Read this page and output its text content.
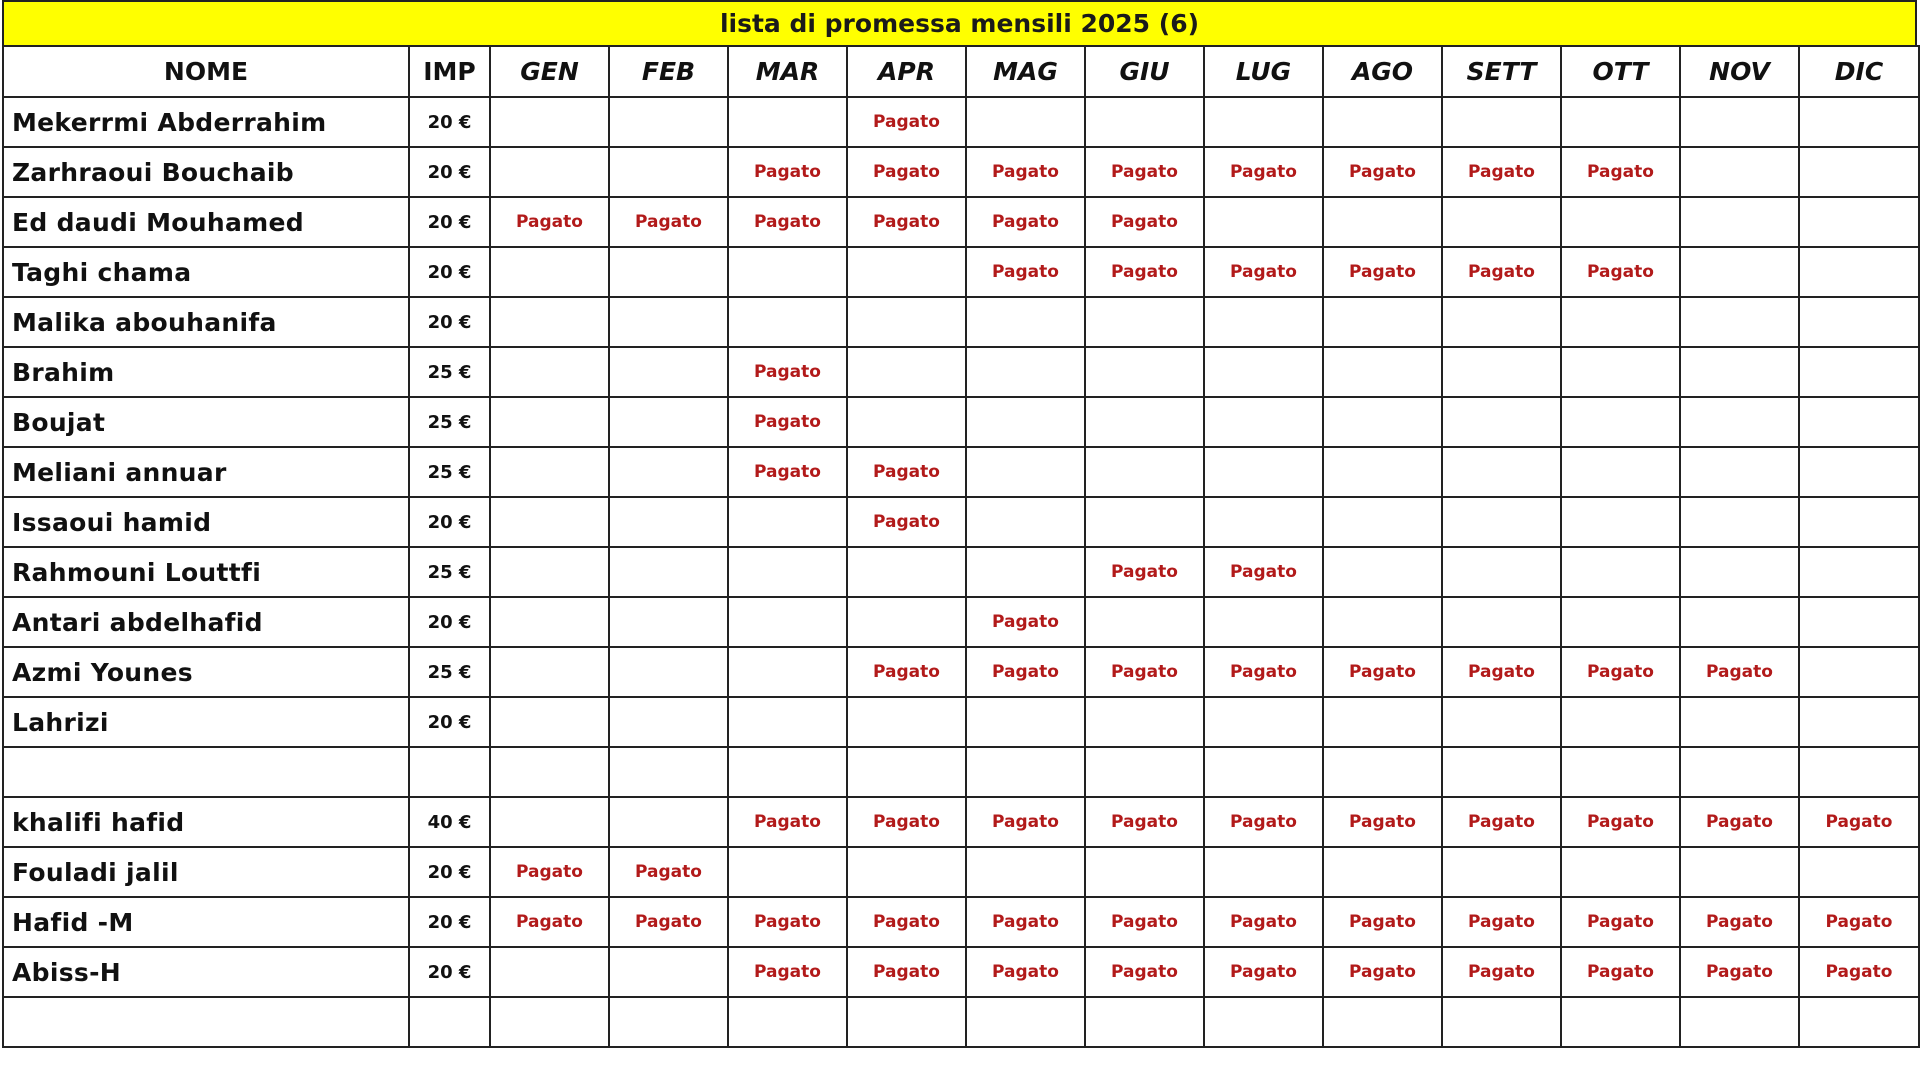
lista di promessa mensili 2025 (6)
NOME	IMP	GEN	FEB	MAR	APR	MAG	GIU	LUG	AGO	SETT	OTT	NOV	DIC
Mekerrmi Abderrahim	20 €				Pagato								
Zarhraoui Bouchaib	20 €			Pagato	Pagato	Pagato	Pagato	Pagato	Pagato	Pagato	Pagato		
Ed daudi Mouhamed	20 €	Pagato	Pagato	Pagato	Pagato	Pagato	Pagato						
Taghi chama	20 €					Pagato	Pagato	Pagato	Pagato	Pagato	Pagato		
Malika abouhanifa	20 €												
Brahim	25 €			Pagato									
Boujat	25 €			Pagato									
Meliani annuar	25 €			Pagato	Pagato								
Issaoui hamid	20 €				Pagato								
Rahmouni Louttfi	25 €						Pagato	Pagato					
Antari abdelhafid	20 €					Pagato							
Azmi Younes	25 €				Pagato	Pagato	Pagato	Pagato	Pagato	Pagato	Pagato	Pagato	
Lahrizi	20 €												

khalifi hafid	40 €			Pagato	Pagato	Pagato	Pagato	Pagato	Pagato	Pagato	Pagato	Pagato	Pagato
Fouladi jalil	20 €	Pagato	Pagato										
Hafid -M	20 €	Pagato	Pagato	Pagato	Pagato	Pagato	Pagato	Pagato	Pagato	Pagato	Pagato	Pagato	Pagato
Abiss-H	20 €			Pagato	Pagato	Pagato	Pagato	Pagato	Pagato	Pagato	Pagato	Pagato	Pagato
